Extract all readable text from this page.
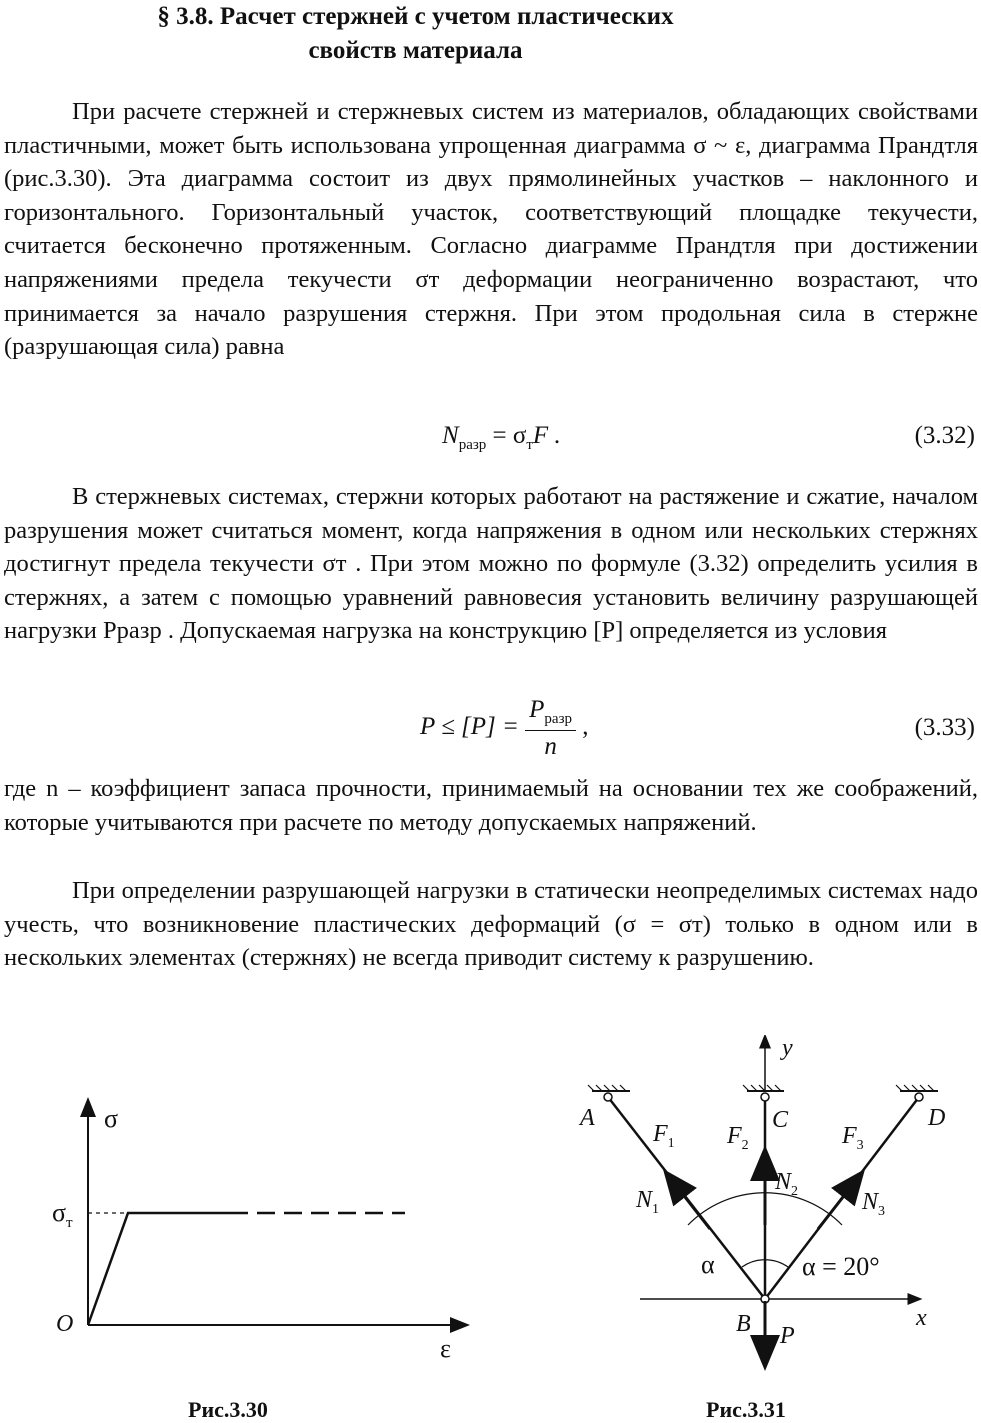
§ 3.8. Расчет стержней с учетом пластических
свойств материала

При расчете стержней и стержневых систем из материалов, обладающих свойствами пластичными, может быть использована упрощенная диаграмма σ ~ ε, диаграмма Прандтля (рис.3.30). Эта диаграмма состоит из двух прямолинейных участков – наклонного и горизонтального. Горизонтальный участок, соответствующий площадке текучести, считается бесконечно протяженным. Согласно диаграмме Прандтля при достижении напряжениями предела текучести σт деформации неограниченно возрастают, что принимается за начало разрушения стержня. При этом продольная сила в стержне (разрушающая сила) равна

$N_{разр} = \sigma_тF$ .	(3.32)

В стержневых системах, стержни которых работают на растяжение и сжатие, началом разрушения может считаться момент, когда напряжения в одном или нескольких стержнях достигнут предела текучести σт . При этом можно по формуле (3.32) определить усилия в стержнях, а затем с помощью уравнений равновесия установить величину разрушающей нагрузки Pразр . Допускаемая нагрузка на конструкцию [P] определяется из условия

$P \le [P] = \frac{P_{разр}}{n}$ ,	(3.33)

где n – коэффициент запаса прочности, принимаемый на основании тех же соображений, которые учитываются при расчете по методу допускаемых напряжений.

При определении разрушающей нагрузки в статически неопределимых системах надо учесть, что возникновение пластических деформаций (σ = σт) только в одном или в нескольких элементах (стержнях) не всегда приводит систему к разрушению.

σ
ε
O
$\sigma_т$
Рис.3.30
y
x
A	C	D
B
$F_1$ $F_2$	$F_3$
$N_1$
$N_2$	$N_3$
α	α = 20°
P
Рис.3.31
